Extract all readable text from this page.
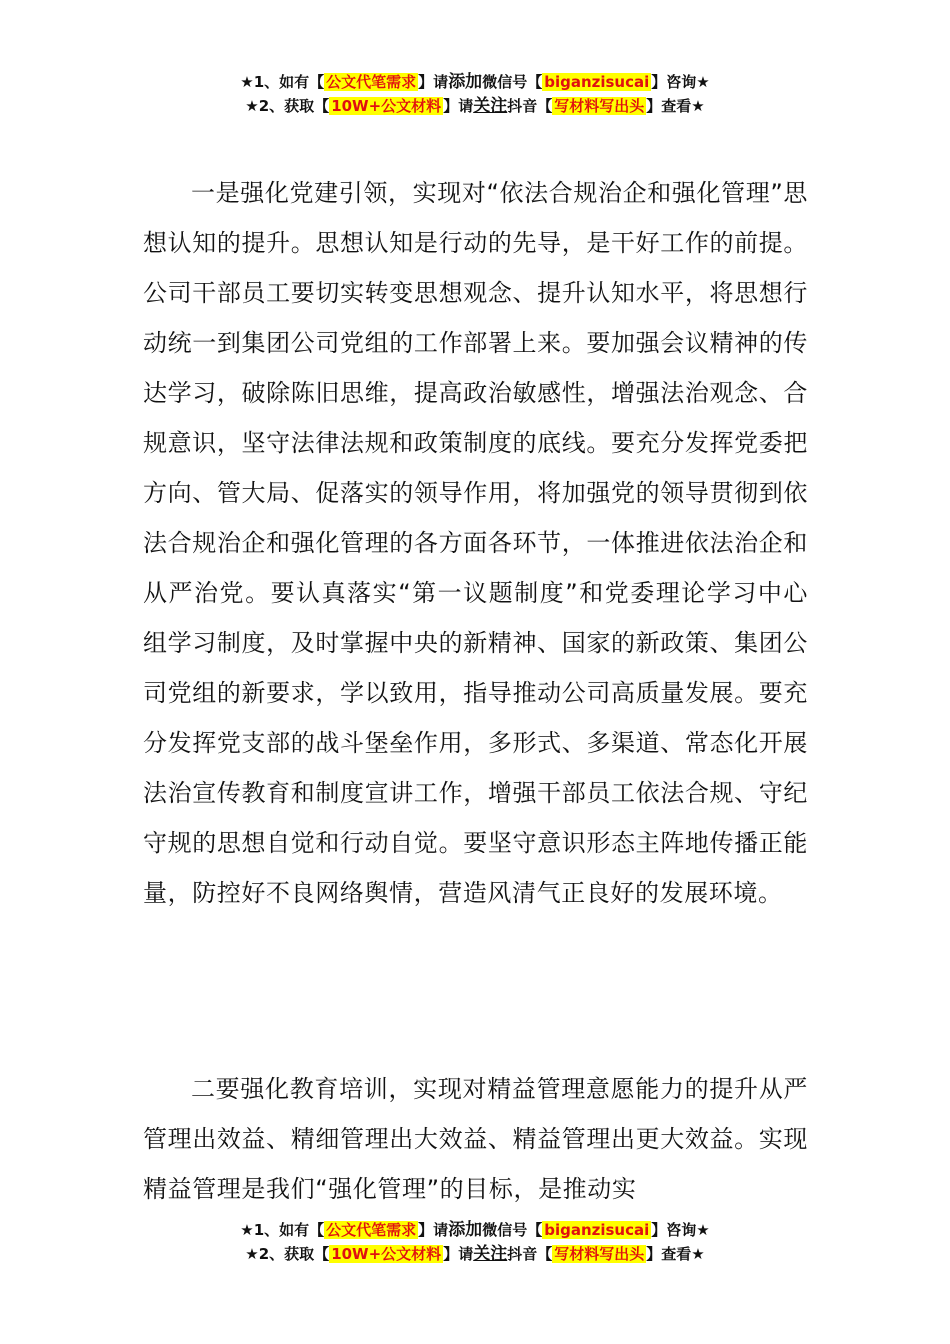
★1、如有【 公文代笔需求 】请添加微信号【 biganzisucai 】咨询★
★2、获取【 10W+公文材料 】请关注抖音【 写材料写出头 】查看★

一是强化党建引领，实现对“依法合规治企和强化管理”思想认知的提升。思想认知是行动的先导，是干好工作的前提。公司干部员工要切实转变思想观念、提升认知水平，将思想行动统一到集团公司党组的工作部署上来。要加强会议精神的传达学习，破除陈旧思维，提高政治敏感性，增强法治观念、合规意识，坚守法律法规和政策制度的底线。要充分发挥党委把方向、管大局、促落实的领导作用，将加强党的领导贯彻到依法合规治企和强化管理的各方面各环节，一体推进依法治企和从严治党。要认真落实“第一议题制度”和党委理论学习中心组学习制度，及时掌握中央的新精神、国家的新政策、集团公司党组的新要求，学以致用，指导推动公司高质量发展。要充分发挥党支部的战斗堡垒作用，多形式、多渠道、常态化开展法治宣传教育和制度宣讲工作，增强干部员工依法合规、守纪守规的思想自觉和行动自觉。要坚守意识形态主阵地传播正能量，防控好不良网络舆情，营造风清气正良好的发展环境。

二要强化教育培训，实现对精益管理意愿能力的提升从严管理出效益、精细管理出大效益、精益管理出更大效益。实现精益管理是我们“强化管理”的目标，是推动实

★1、如有【 公文代笔需求 】请添加微信号【 biganzisucai 】咨询★
★2、获取【 10W+公文材料 】请关注抖音【 写材料写出头 】查看★
